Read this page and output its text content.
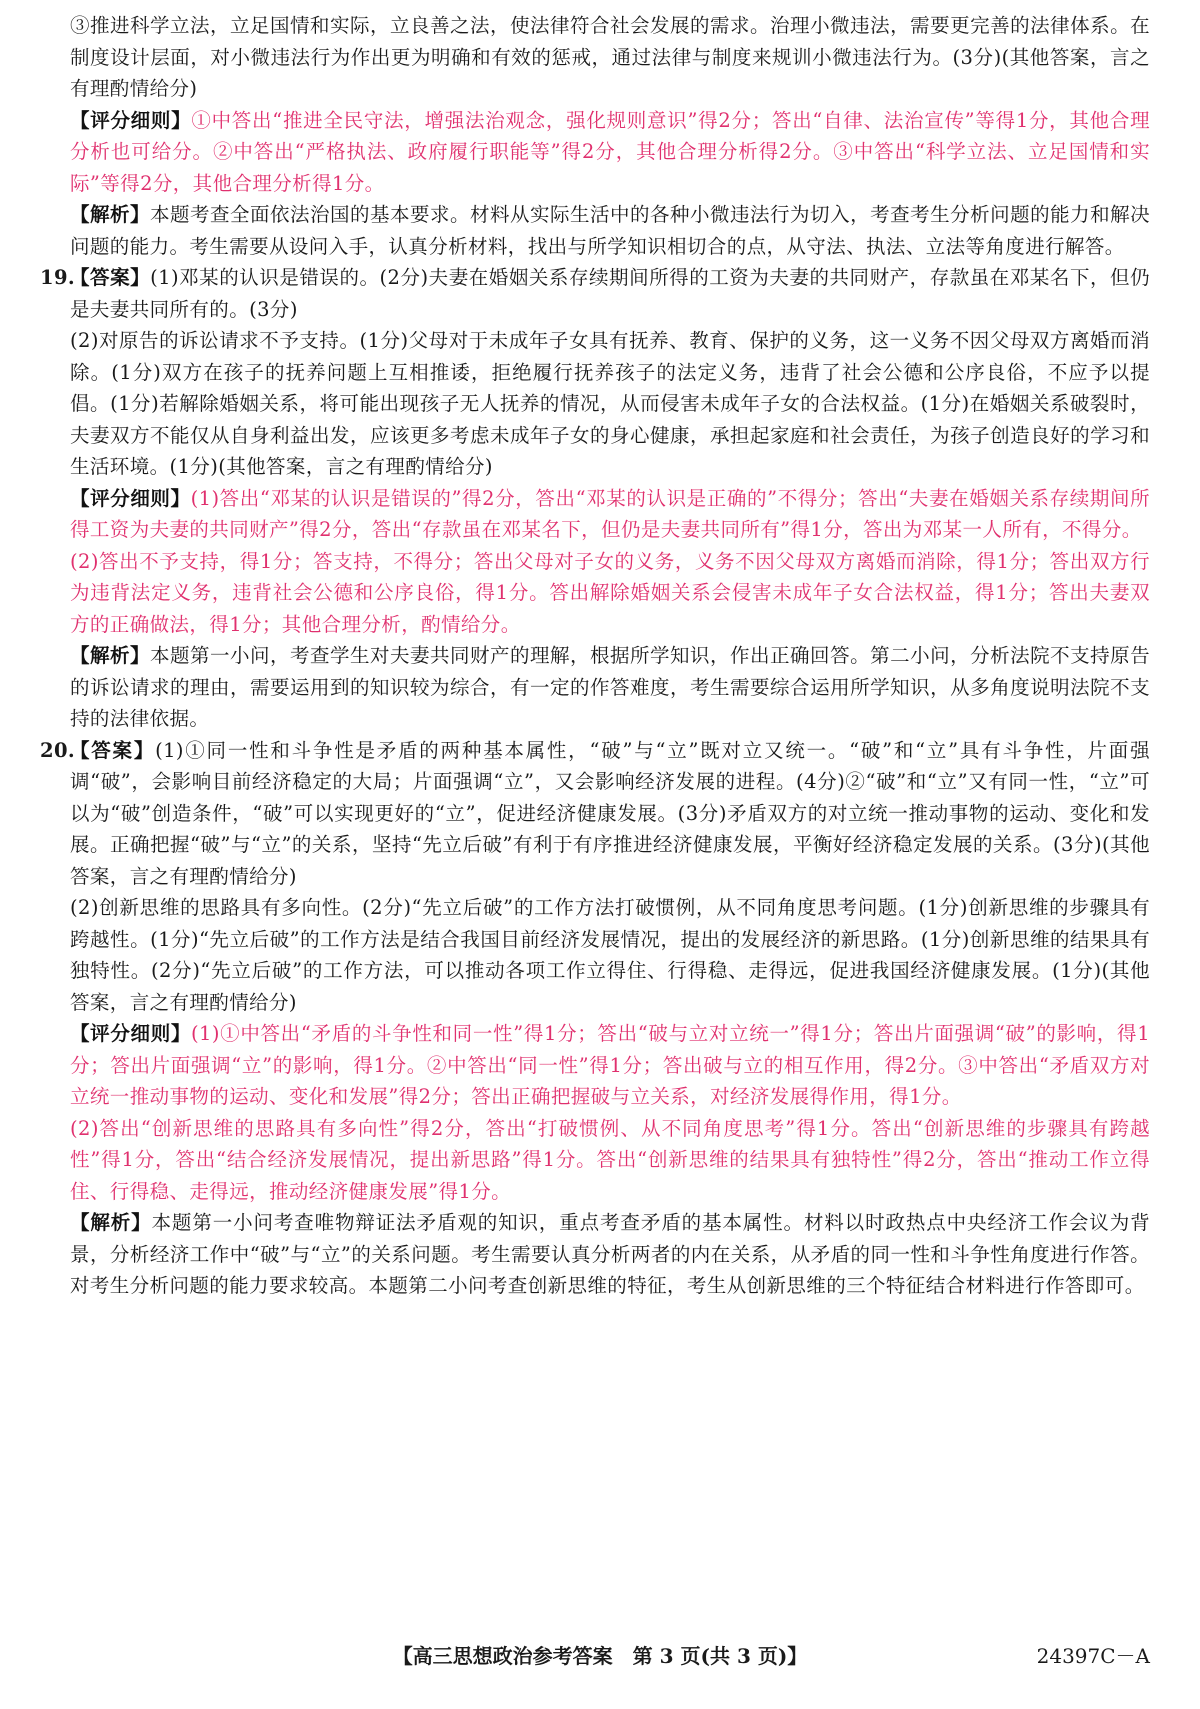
③推进科学立法，立足国情和实际，立良善之法，使法律符合社会发展的需求。治理小微违法，需要更完善的法律体系。在制度设计层面，对小微违法行为作出更为明确和有效的惩戒，通过法律与制度来规训小微违法行为。(3分)(其他答案，言之有理酌情给分)

【评分细则】①中答出“推进全民守法，增强法治观念，强化规则意识”得2分；答出“自律、法治宣传”等得1分，其他合理分析也可给分。②中答出“严格执法、政府履行职能等”得2分，其他合理分析得2分。③中答出“科学立法、立足国情和实际”等得2分，其他合理分析得1分。

【解析】本题考查全面依法治国的基本要求。材料从实际生活中的各种小微违法行为切入，考查考生分析问题的能力和解决问题的能力。考生需要从设问入手，认真分析材料，找出与所学知识相切合的点，从守法、执法、立法等角度进行解答。

19.
【答案】(1)邓某的认识是错误的。(2分)夫妻在婚姻关系存续期间所得的工资为夫妻的共同财产，存款虽在邓某名下，但仍是夫妻共同所有的。(3分)

(2)对原告的诉讼请求不予支持。(1分)父母对于未成年子女具有抚养、教育、保护的义务，这一义务不因父母双方离婚而消除。(1分)双方在孩子的抚养问题上互相推诿，拒绝履行抚养孩子的法定义务，违背了社会公德和公序良俗，不应予以提倡。(1分)若解除婚姻关系，将可能出现孩子无人抚养的情况，从而侵害未成年子女的合法权益。(1分)在婚姻关系破裂时，夫妻双方不能仅从自身利益出发，应该更多考虑未成年子女的身心健康，承担起家庭和社会责任，为孩子创造良好的学习和生活环境。(1分)(其他答案，言之有理酌情给分)

【评分细则】(1)答出“邓某的认识是错误的”得2分，答出“邓某的认识是正确的”不得分；答出“夫妻在婚姻关系存续期间所得工资为夫妻的共同财产”得2分，答出“存款虽在邓某名下，但仍是夫妻共同所有”得1分，答出为邓某一人所有，不得分。

(2)答出不予支持，得1分；答支持，不得分；答出父母对子女的义务，义务不因父母双方离婚而消除，得1分；答出双方行为违背法定义务，违背社会公德和公序良俗，得1分。答出解除婚姻关系会侵害未成年子女合法权益，得1分；答出夫妻双方的正确做法，得1分；其他合理分析，酌情给分。

【解析】本题第一小问，考查学生对夫妻共同财产的理解，根据所学知识，作出正确回答。第二小问，分析法院不支持原告的诉讼请求的理由，需要运用到的知识较为综合，有一定的作答难度，考生需要综合运用所学知识，从多角度说明法院不支持的法律依据。

20.
【答案】(1)①同一性和斗争性是矛盾的两种基本属性，“破”与“立”既对立又统一。“破”和“立”具有斗争性，片面强调“破”，会影响目前经济稳定的大局；片面强调“立”，又会影响经济发展的进程。(4分)②“破”和“立”又有同一性，“立”可以为“破”创造条件，“破”可以实现更好的“立”，促进经济健康发展。(3分)矛盾双方的对立统一推动事物的运动、变化和发展。正确把握“破”与“立”的关系，坚持“先立后破”有利于有序推进经济健康发展，平衡好经济稳定发展的关系。(3分)(其他答案，言之有理酌情给分)

(2)创新思维的思路具有多向性。(2分)“先立后破”的工作方法打破惯例，从不同角度思考问题。(1分)创新思维的步骤具有跨越性。(1分)“先立后破”的工作方法是结合我国目前经济发展情况，提出的发展经济的新思路。(1分)创新思维的结果具有独特性。(2分)“先立后破”的工作方法，可以推动各项工作立得住、行得稳、走得远，促进我国经济健康发展。(1分)(其他答案，言之有理酌情给分)

【评分细则】(1)①中答出“矛盾的斗争性和同一性”得1分；答出“破与立对立统一”得1分；答出片面强调“破”的影响，得1分；答出片面强调“立”的影响，得1分。②中答出“同一性”得1分；答出破与立的相互作用，得2分。③中答出“矛盾双方对立统一推动事物的运动、变化和发展”得2分；答出正确把握破与立关系，对经济发展得作用，得1分。

(2)答出“创新思维的思路具有多向性”得2分，答出“打破惯例、从不同角度思考”得1分。答出“创新思维的步骤具有跨越性”得1分，答出“结合经济发展情况，提出新思路”得1分。答出“创新思维的结果具有独特性”得2分，答出“推动工作立得住、行得稳、走得远，推动经济健康发展”得1分。

【解析】本题第一小问考查唯物辩证法矛盾观的知识，重点考查矛盾的基本属性。材料以时政热点中央经济工作会议为背景，分析经济工作中“破”与“立”的关系问题。考生需要认真分析两者的内在关系，从矛盾的同一性和斗争性角度进行作答。对考生分析问题的能力要求较高。本题第二小问考查创新思维的特征，考生从创新思维的三个特征结合材料进行作答即可。

【高三思想政治参考答案　第 3 页(共 3 页)】	24397C－A
